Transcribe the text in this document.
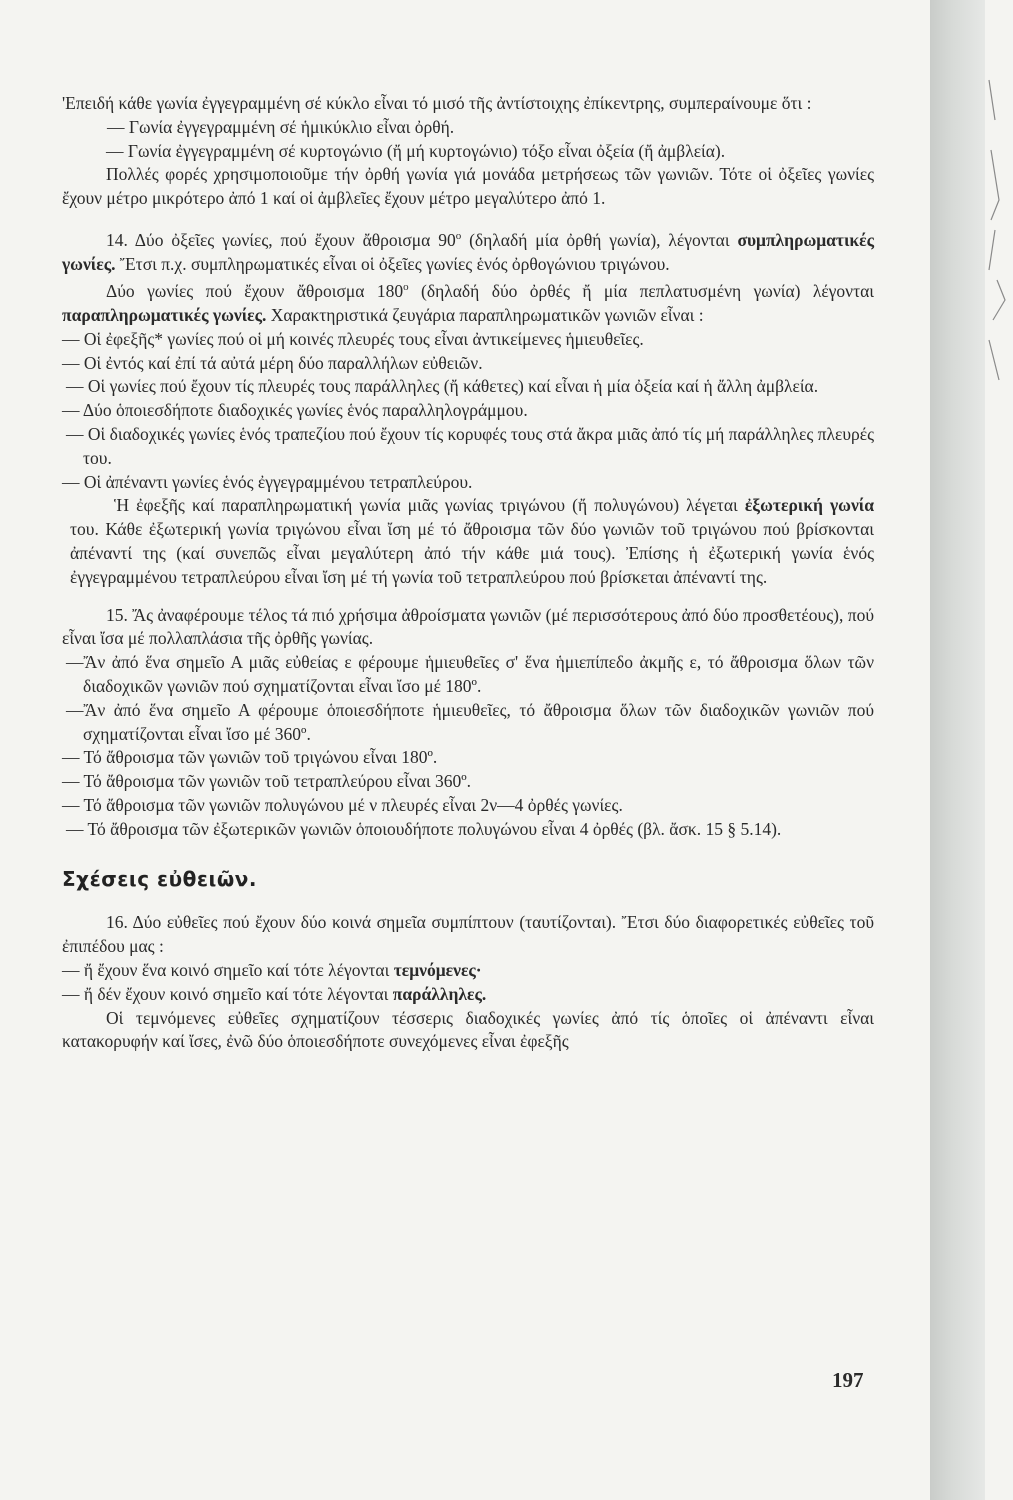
'Επειδή κάθε γωνία ἐγγεγραμμένη σέ κύκλο εἶναι τό μισό τῆς ἀντίστοιχης ἐπίκεντρης, συμπεραίνουμε ὅτι :

— Γωνία ἐγγεγραμμένη σέ ἡμικύκλιο εἶναι ὀρθή.
— Γωνία ἐγγεγραμμένη σέ κυρτογώνιο (ἤ μή κυρτογώνιο) τόξο εἶναι ὀξεία (ἤ ἀμβλεία).

Πολλές φορές χρησιμοποιοῦμε τήν ὀρθή γωνία γιά μονάδα μετρήσεως τῶν γωνιῶν. Τότε οἱ ὀξεῖες γωνίες ἔχουν μέτρο μικρότερο ἀπό 1 καί οἱ ἀμβλεῖες ἔχουν μέτρο μεγαλύτερο ἀπό 1.

14. Δύο ὀξεῖες γωνίες, πού ἔχουν ἄθροισμα $90^o$ (δηλαδή μία ὀρθή γωνία), λέγονται συμπληρωματικές γωνίες. Ἔτσι π.χ. συμπληρωματικές εἶναι οἱ ὀξεῖες γωνίες ἑνός ὀρθογώνιου τριγώνου.

Δύο γωνίες πού ἔχουν ἄθροισμα $180^o$ (δηλαδή δύο ὀρθές ἤ μία πεπλατυσμένη γωνία) λέγονται παραπληρωματικές γωνίες. Χαρακτηριστικά ζευγάρια παραπληρωματικῶν γωνιῶν εἶναι :

— Οἱ ἐφεξῆς* γωνίες πού οἱ μή κοινές πλευρές τους εἶναι ἀντικείμενες ἡμιευθεῖες.
— Οἱ ἐντός καί ἐπί τά αὐτά μέρη δύο παραλλήλων εὐθειῶν.
— Οἱ γωνίες πού ἔχουν τίς πλευρές τους παράλληλες (ἤ κάθετες) καί εἶναι ἡ μία ὀξεία καί ἡ ἄλλη ἀμβλεία.
— Δύο ὁποιεσδήποτε διαδοχικές γωνίες ἑνός παραλληλογράμμου.
— Οἱ διαδοχικές γωνίες ἑνός τραπεζίου πού ἔχουν τίς κορυφές τους στά ἄκρα μιᾶς ἀπό τίς μή παράλληλες πλευρές του.
— Οἱ ἀπέναντι γωνίες ἑνός ἐγγεγραμμένου τετραπλεύρου.

Ἡ ἐφεξῆς καί παραπληρωματική γωνία μιᾶς γωνίας τριγώνου (ἤ πολυγώνου) λέγεται ἐξωτερική γωνία του. Κάθε ἐξωτερική γωνία τριγώνου εἶναι ἴση μέ τό ἄθροισμα τῶν δύο γωνιῶν τοῦ τριγώνου πού βρίσκονται ἀπέναντί της (καί συνεπῶς εἶναι μεγαλύτερη ἀπό τήν κάθε μιά τους). Ἐπίσης ἡ ἐξωτερική γωνία ἑνός ἐγγεγραμμένου τετραπλεύρου εἶναι ἴση μέ τή γωνία τοῦ τετραπλεύρου πού βρίσκεται ἀπέναντί της.

15. Ἄς ἀναφέρουμε τέλος τά πιό χρήσιμα ἀθροίσματα γωνιῶν (μέ περισσότερους ἀπό δύο προσθετέους), πού εἶναι ἴσα μέ πολλαπλάσια τῆς ὀρθῆς γωνίας.

—Ἄν ἀπό ἕνα σημεῖο Α μιᾶς εὐθείας ε φέρουμε ἡμιευθεῖες σ' ἕνα ἡμιεπίπεδο ἀκμῆς ε, τό ἄθροισμα ὅλων τῶν διαδοχικῶν γωνιῶν πού σχηματίζονται εἶναι ἴσο μέ 180º.
—Ἄν ἀπό ἕνα σημεῖο Α φέρουμε ὁποιεσδήποτε ἡμιευθεῖες, τό ἄθροισμα ὅλων τῶν διαδοχικῶν γωνιῶν πού σχηματίζονται εἶναι ἴσο μέ 360º.
— Τό ἄθροισμα τῶν γωνιῶν τοῦ τριγώνου εἶναι 180º.
— Τό ἄθροισμα τῶν γωνιῶν τοῦ τετραπλεύρου εἶναι 360º.
— Τό ἄθροισμα τῶν γωνιῶν πολυγώνου μέ ν πλευρές εἶναι 2ν—4 ὀρθές γωνίες.
— Τό ἄθροισμα τῶν ἐξωτερικῶν γωνιῶν ὁποιουδήποτε πολυγώνου εἶναι 4 ὀρθές (βλ. ἄσκ. 15 § 5.14).

Σχέσεις εὐθειῶν.

16. Δύο εὐθεῖες πού ἔχουν δύο κοινά σημεῖα συμπίπτουν (ταυτίζονται). Ἔτσι δύο διαφορετικές εὐθεῖες τοῦ ἐπιπέδου μας :

— ἤ ἔχουν ἕνα κοινό σημεῖο καί τότε λέγονται τεμνόμενες·
— ἤ δέν ἔχουν κοινό σημεῖο καί τότε λέγονται παράλληλες.

Οἱ τεμνόμενες εὐθεῖες σχηματίζουν τέσσερις διαδοχικές γωνίες ἀπό τίς ὁποῖες οἱ ἀπέναντι εἶναι κατακορυφήν καί ἴσες, ἐνῶ δύο ὁποιεσδήποτε συνεχόμενες εἶναι ἐφεξῆς

197
